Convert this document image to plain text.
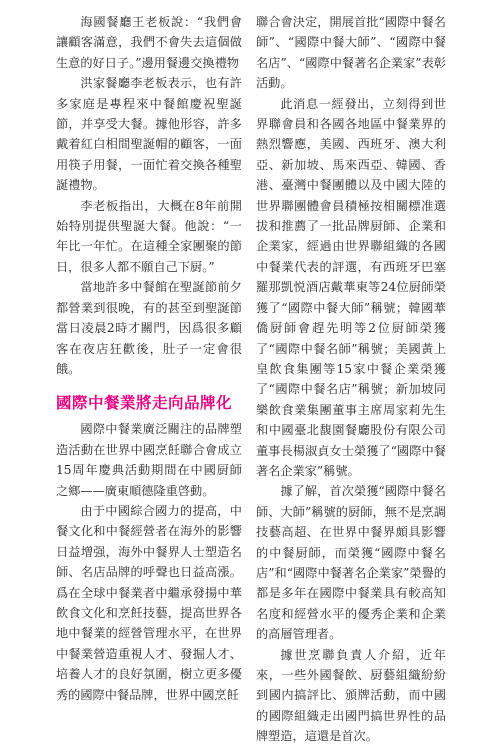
海國餐廳王老板說：“我們會讓顧客滿意，我們不會失去這個做生意的好日子。”邊用餐邊交換禮物

洪家餐廳李老板表示，也有許多家庭是專程來中餐館慶祝聖誕節，并享受大餐。據他形容，許多戴着紅白相間聖誕帽的顧客，一面用筷子用餐，一面忙着交換各種聖誕禮物。

李老板指出，大概在8年前開始特別提供聖誕大餐。他說：“一年比一年忙。在這種全家團聚的節日，很多人都不願自己下厨。”

當地許多中餐館在聖誕節前夕都營業到很晚，有的甚至到聖誕節當日凌晨2時才關門，因爲很多顧客在夜店狂歡後，肚子一定會很餓。

國際中餐業將走向品牌化

國際中餐業廣泛關注的品牌塑造活動在世界中國烹飪聯合會成立15周年慶典活動期間在中國厨師之鄉——廣東順德隆重啓動。

由于中國綜合國力的提高，中餐文化和中餐經營者在海外的影響日益增强，海外中餐界人士塑造名師、名店品牌的呼聲也日益高漲。爲在全球中餐業者中繼承發揚中華飲食文化和烹飪技藝，提高世界各地中餐業的經營管理水平，在世界中餐業營造重視人才、發掘人才、培養人才的良好氛圍，樹立更多優秀的國際中餐品牌，世界中國烹飪

聯合會決定，開展首批“國際中餐名師”、“國際中餐大師”、“國際中餐名店”、“國際中餐著名企業家”表彰活動。

此消息一經發出，立刻得到世界聯會員和各國各地區中餐業界的熱烈響應，美國、西班牙、澳大利亞、新加坡、馬來西亞、韓國、香港、臺灣中餐團體以及中國大陸的世界聯團體會員積極按相關標准選拔和推薦了一批品牌厨師、企業和企業家，經過由世界聯組織的各國中餐業代表的評選，有西班牙巴塞羅那凱悦酒店戴華東等24位厨師榮獲了“國際中餐大師”稱號；韓國華僑厨師會趕先明等2位厨師榮獲了“國際中餐名師”稱號；美國黃上皇飲食集團等15家中餐企業榮獲了“國際中餐名店”稱號；新加坡同樂飲食業集團董事主席周家莉先生和中國臺北馥園餐廳股份有限公司董事長楊淑貞女士榮獲了“國際中餐著名企業家”稱號。

據了解，首次榮獲“國際中餐名師、大師”稱號的厨師，無不是烹調技藝高超、在世界中餐界頗具影響的中餐厨師，而榮獲“國際中餐名店”和“國際中餐著名企業家”榮譽的都是多年在國際中餐業具有較高知名度和經營水平的優秀企業和企業的高層管理者。

據世烹聯負責人介紹，近年來，一些外國餐飲、厨藝組織紛紛到國内搞評比、頒牌活動，而中國的國際組織走出國門搞世界性的品牌塑造，這還是首次。
